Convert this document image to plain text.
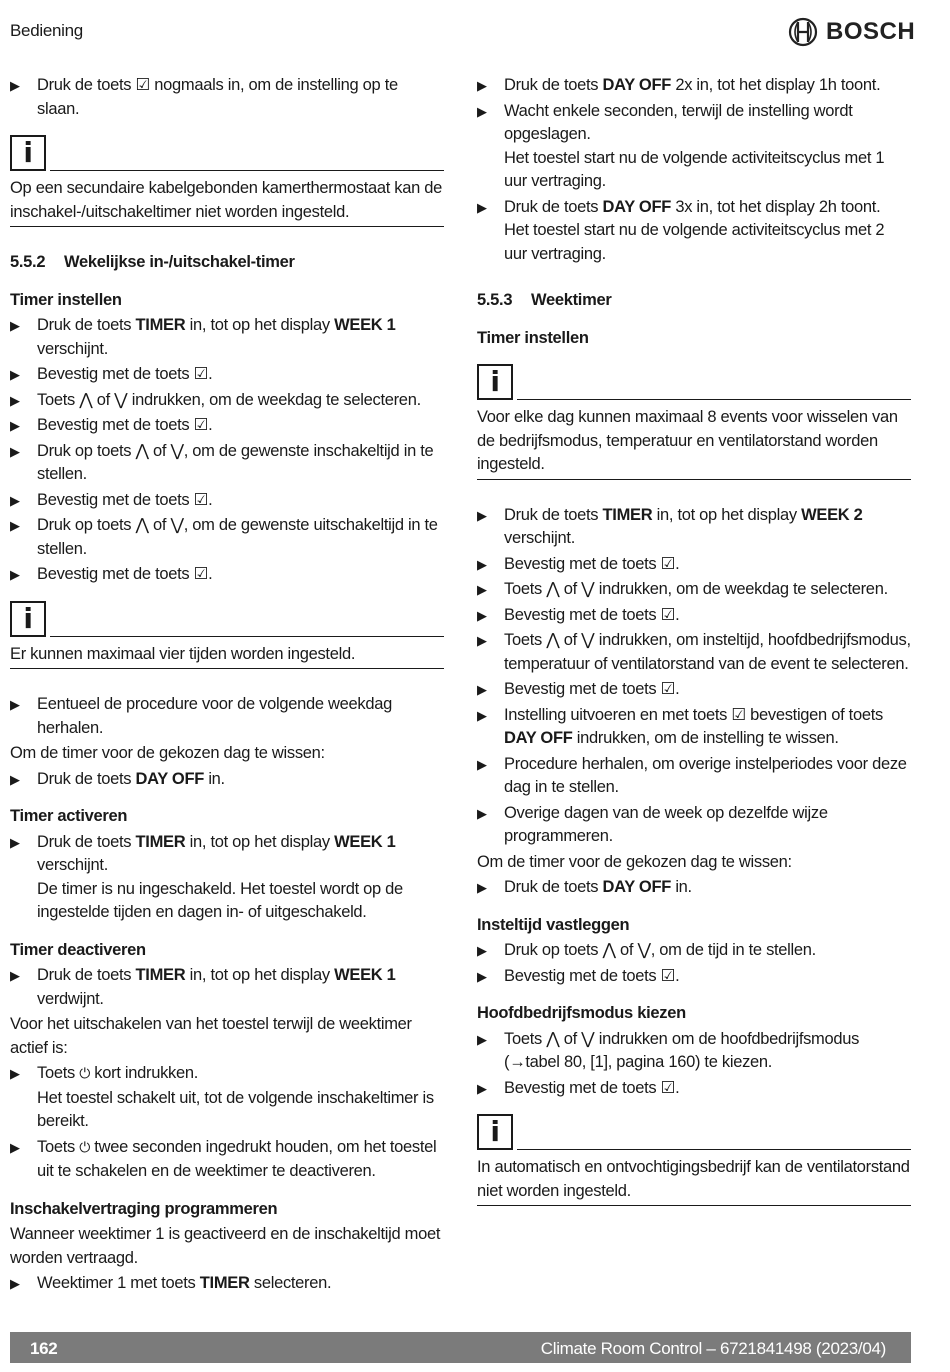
Bediening	BOSCH
▶ Druk de toets ☑ nogmaals in, om de instelling op te slaan.
i
Op een secundaire kabelgebonden kamerthermostaat kan de inschakel-/uitschakeltimer niet worden ingesteld.
5.5.2 Wekelijkse in-/uitschakel-timer
Timer instellen
▶ Druk de toets TIMER in, tot op het display WEEK 1 verschijnt.
▶ Bevestig met de toets ☑.
▶ Toets ⋀ of ⋁ indrukken, om de weekdag te selecteren.
▶ Bevestig met de toets ☑.
▶ Druk op toets ⋀ of ⋁, om de gewenste inschakeltijd in te stellen.
▶ Bevestig met de toets ☑.
▶ Druk op toets ⋀ of ⋁, om de gewenste uitschakeltijd in te stellen.
▶ Bevestig met de toets ☑.
i
Er kunnen maximaal vier tijden worden ingesteld.
▶ Eentueel de procedure voor de volgende weekdag herhalen.
Om de timer voor de gekozen dag te wissen:
▶ Druk de toets DAY OFF in.
Timer activeren
▶ Druk de toets TIMER in, tot op het display WEEK 1 verschijnt.
De timer is nu ingeschakeld. Het toestel wordt op de ingestelde tijden en dagen in- of uitgeschakeld.
Timer deactiveren
▶ Druk de toets TIMER in, tot op het display WEEK 1 verdwijnt.
Voor het uitschakelen van het toestel terwijl de weektimer actief is:
▶ Toets ⏻ kort indrukken.
Het toestel schakelt uit, tot de volgende inschakeltimer is bereikt.
▶ Toets ⏻ twee seconden ingedrukt houden, om het toestel uit te schakelen en de weektimer te deactiveren.
Inschakelvertraging programmeren
Wanneer weektimer 1 is geactiveerd en de inschakeltijd moet worden vertraagd.
▶ Weektimer 1 met toets TIMER selecteren.
▶ Druk de toets DAY OFF 2x in, tot het display 1h toont.
▶ Wacht enkele seconden, terwijl de instelling wordt opgeslagen.
Het toestel start nu de volgende activiteitscyclus met 1 uur vertraging.
▶ Druk de toets DAY OFF 3x in, tot het display 2h toont.
Het toestel start nu de volgende activiteitscyclus met 2 uur vertraging.
5.5.3 Weektimer
Timer instellen
i
Voor elke dag kunnen maximaal 8 events voor wisselen van de bedrijfsmodus, temperatuur en ventilatorstand worden ingesteld.
▶ Druk de toets TIMER in, tot op het display WEEK 2 verschijnt.
▶ Bevestig met de toets ☑.
▶ Toets ⋀ of ⋁ indrukken, om de weekdag te selecteren.
▶ Bevestig met de toets ☑.
▶ Toets ⋀ of ⋁ indrukken, om insteltijd, hoofdbedrijfsmodus, temperatuur of ventilatorstand van de event te selecteren.
▶ Bevestig met de toets ☑.
▶ Instelling uitvoeren en met toets ☑ bevestigen of toets DAY OFF indrukken, om de instelling te wissen.
▶ Procedure herhalen, om overige instelperiodes voor deze dag in te stellen.
▶ Overige dagen van de week op dezelfde wijze programmeren.
Om de timer voor de gekozen dag te wissen:
▶ Druk de toets DAY OFF in.
Insteltijd vastleggen
▶ Druk op toets ⋀ of ⋁, om de tijd in te stellen.
▶ Bevestig met de toets ☑.
Hoofdbedrijfsmodus kiezen
▶ Toets ⋀ of ⋁ indrukken om de hoofdbedrijfsmodus (→tabel 80, [1], pagina 160) te kiezen.
▶ Bevestig met de toets ☑.
i
In automatisch en ontvochtigingsbedrijf kan de ventilatorstand niet worden ingesteld.
162	Climate Room Control – 6721841498 (2023/04)
